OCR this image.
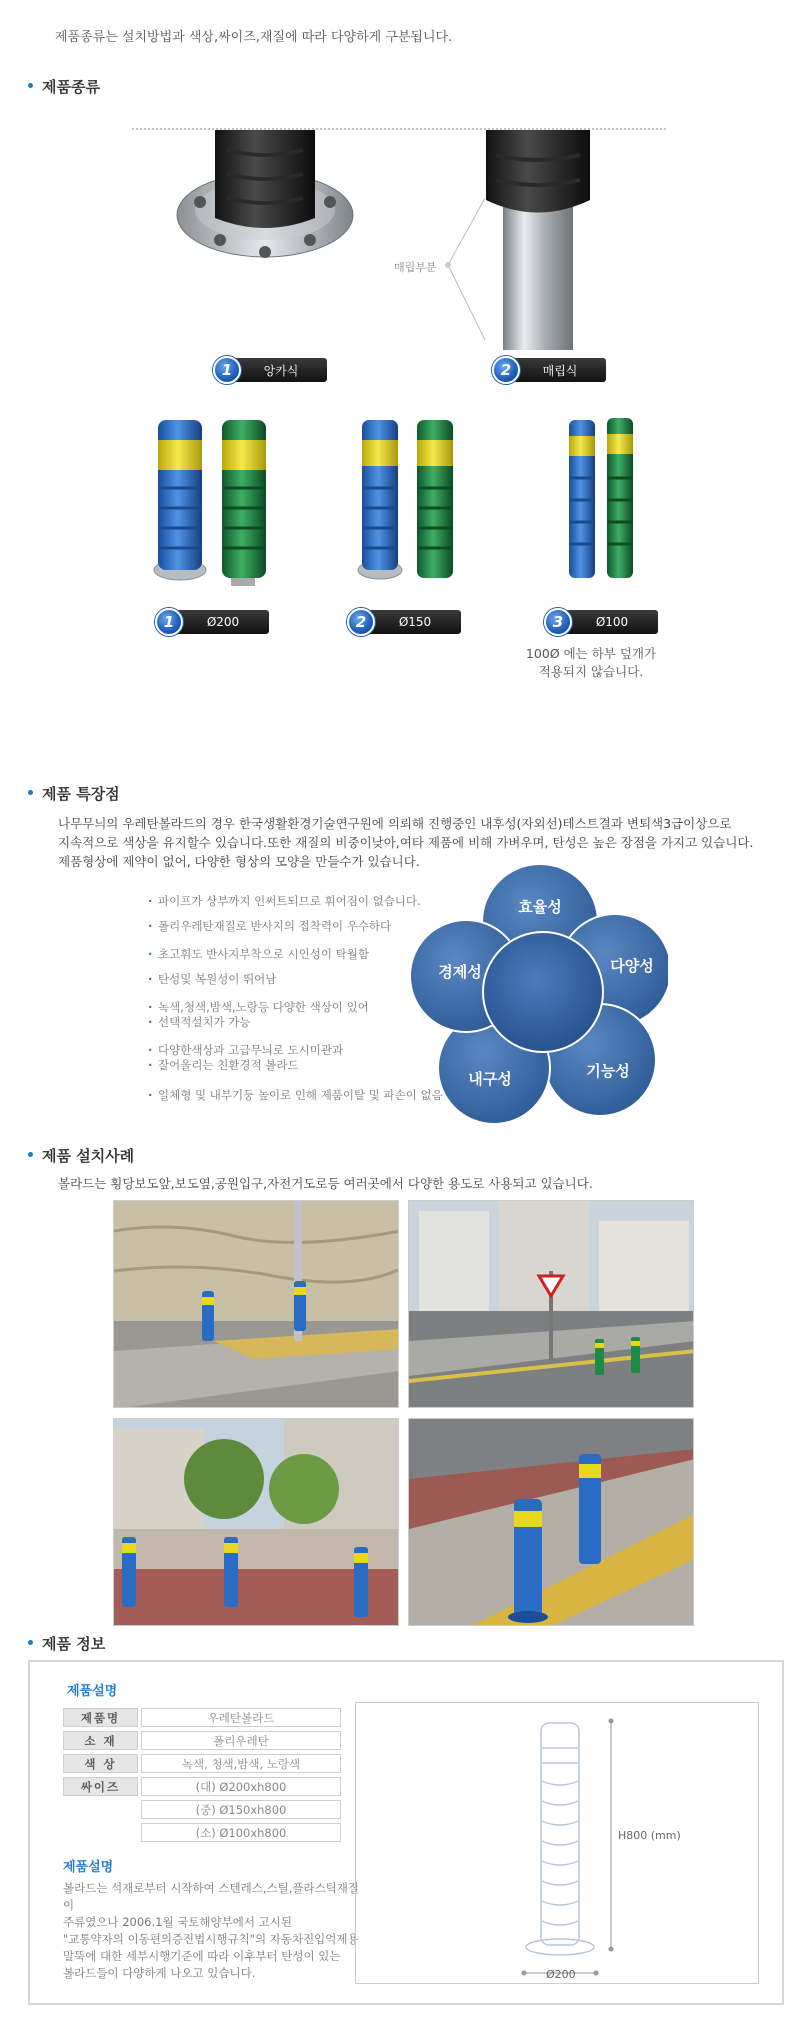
제품종류는 설치방법과 색상,싸이즈,재질에 따라 다양하게 구분됩니다.
제품종류
매립부분
1	앙카식	2	매립식
1	Ø200	2	Ø150	3	Ø100
100Ø 에는 하부 덮개가
적용되지 않습니다.
제품 특장점
나무무늬의 우레탄볼라드의 경우 한국생활환경기술연구원에 의뢰해 진행중인 내후성(자외선)테스트결과 변퇴색3급이상으로
지속적으로 색상을 유지할수 있습니다.또한 재질의 비중이낮아,여타 제품에 비해 가벼우며, 탄성은 높은 장점을 가지고 있습니다.
제품형상에 제약이 없어, 다양한 형상의 모양을 만들수가 있습니다.
· 파이프가 상부까지 인써트되므로 휘어짐이 없습니다.
· 폴리우레탄재질로 반사지의 접착력이 우수하다
· 초고휘도 반사지부착으로 시인성이 탁월함
· 탄성및 복원성이 뛰어남
· 녹색,청색,밤색,노랑등 다양한 색상이 있어
· 선택적설치가 가능
· 다양한색상과 고급무늬로 도시미관과
· 잘어울리는 친환경적 볼라드
· 일체형 및 내부기둥 높이로 인해 제품이탈 및 파손이 없음
효율성
다양성
기능성
내구성
경제성
제품 설치사례
볼라드는 횡당보도앞,보도옆,공원입구,자전거도로등 여러곳에서 다양한 용도로 사용되고 있습니다.
제품 정보
제품설명
제품명	우레탄볼라드
소 재	폴리우레탄
색 상	녹색, 청색,밤색, 노랑색
싸이즈	(대) Ø200xh800
(중) Ø150xh800
(소) Ø100xh800
제품설명
볼라드는 석재로부터 시작하여 스텐레스,스틸,플라스틱재질이
주류였으나 2006.1월 국토해양부에서 고시된
"교통약자의 이동편의증진법시행규칙"의 자동차진입억제용
말뚝에 대한 세부시행기준에 따라 이후부터 탄성이 있는
볼라드들이 다양하게 나오고 있습니다.
H800 (mm)
Ø200
